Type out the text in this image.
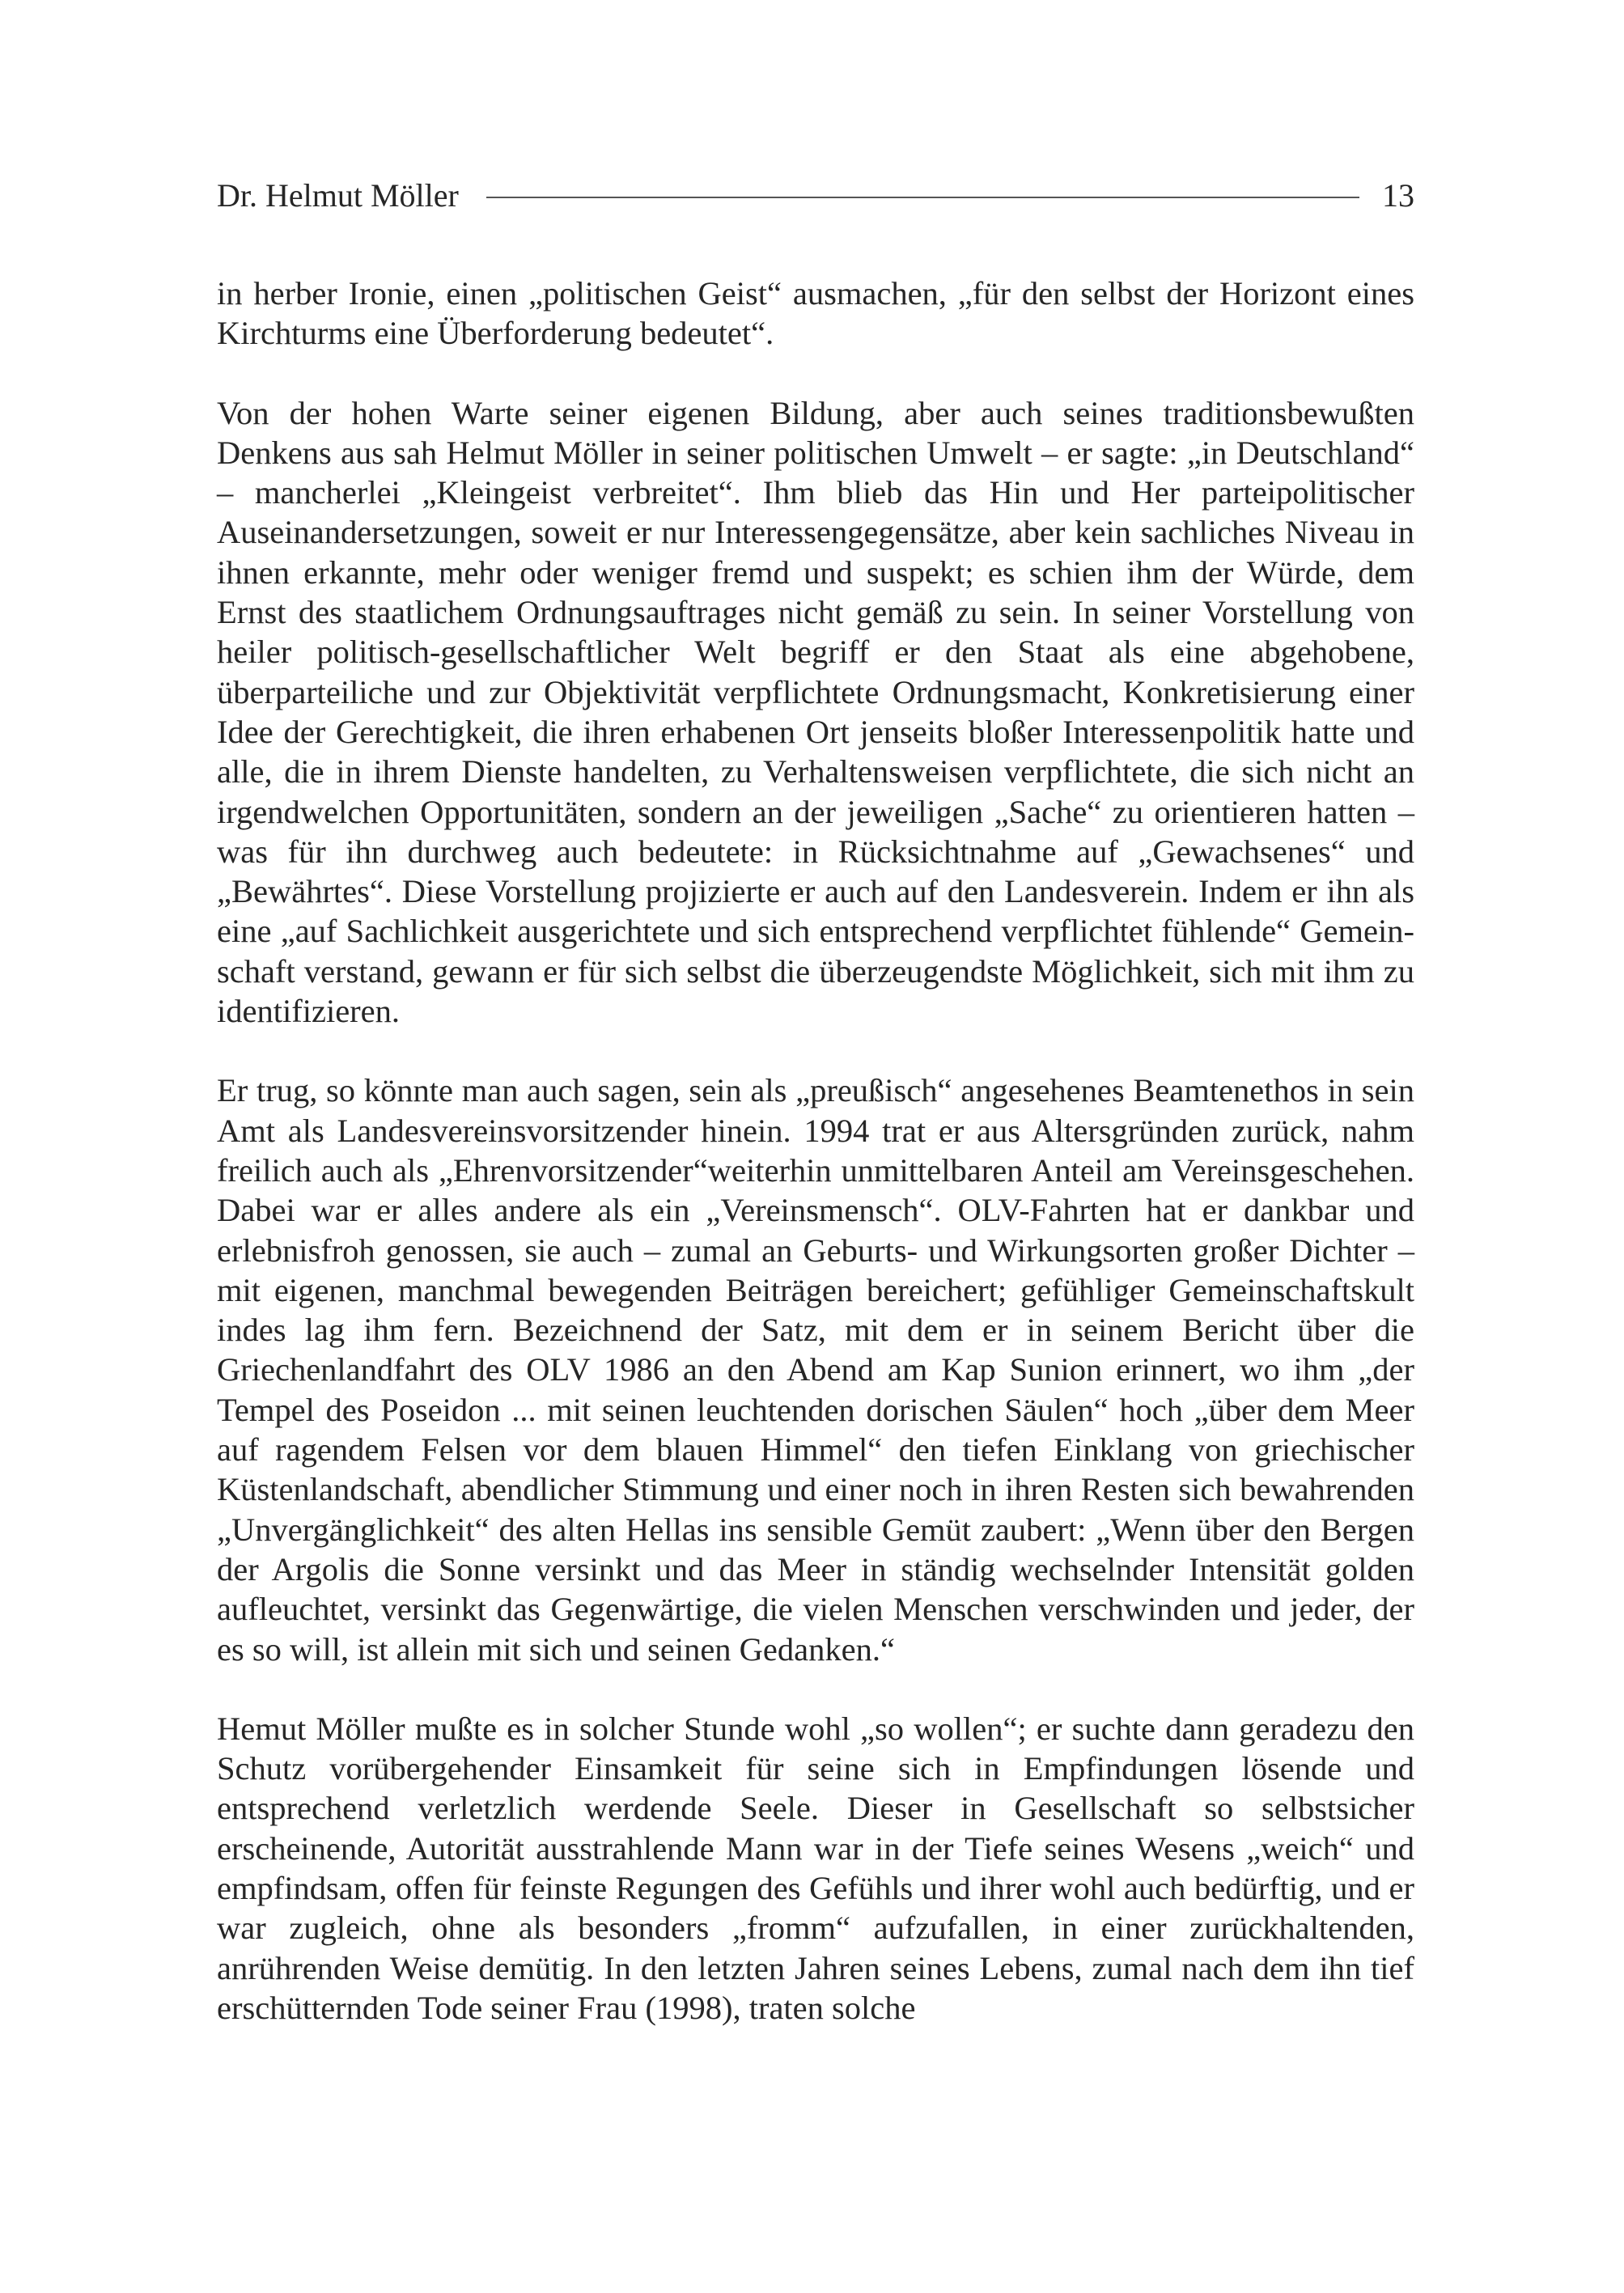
Dr. Helmut Möller	13

in herber Ironie, einen „politischen Geist“ ausmachen, „für den selbst der Horizont eines Kirchturms eine Überforderung bedeutet“.

Von der hohen Warte seiner eigenen Bildung, aber auch seines traditionsbewußten Denkens aus sah Helmut Möller in seiner politischen Umwelt – er sagte: „in Deutschland“ – mancherlei „Kleingeist verbreitet“. Ihm blieb das Hin und Her parteipolitischer Auseinandersetzungen, soweit er nur Interessengegensätze, aber kein sachliches Niveau in ihnen erkannte, mehr oder weniger fremd und suspekt; es schien ihm der Würde, dem Ernst des staatlichem Ordnungsauftrages nicht gemäß zu sein. In seiner Vorstellung von heiler politisch-gesellschaftlicher Welt begriff er den Staat als eine abgehobene, überparteiliche und zur Objektivität verpflichtete Ordnungsmacht, Konkretisierung einer Idee der Gerechtigkeit, die ihren erhabenen Ort jenseits bloßer Interessenpolitik hatte und alle, die in ihrem Dienste handelten, zu Verhaltensweisen verpflichtete, die sich nicht an irgendwelchen Opportunitäten, sondern an der jeweiligen „Sache“ zu orientieren hatten – was für ihn durchweg auch bedeutete: in Rücksichtnahme auf „Gewachsenes“ und „Bewährtes“. Diese Vorstellung projizierte er auch auf den Landesverein. Indem er ihn als eine „auf Sachlichkeit ausgerichtete und sich entsprechend verpflichtet fühlende“ Gemeinschaft verstand, gewann er für sich selbst die überzeugendste Möglichkeit, sich mit ihm zu identifizieren.

Er trug, so könnte man auch sagen, sein als „preußisch“ angesehenes Beamtenethos in sein Amt als Landesvereinsvorsitzender hinein. 1994 trat er aus Altersgründen zurück, nahm freilich auch als „Ehrenvorsitzender“weiterhin unmittelbaren Anteil am Vereinsgeschehen. Dabei war er alles andere als ein „Vereinsmensch“. OLV-Fahrten hat er dankbar und erlebnisfroh genossen, sie auch – zumal an Geburts- und Wirkungsorten großer Dichter – mit eigenen, manchmal bewegenden Beiträgen bereichert; gefühliger Gemeinschaftskult indes lag ihm fern. Bezeichnend der Satz, mit dem er in seinem Bericht über die Griechenlandfahrt des OLV 1986 an den Abend am Kap Sunion erinnert, wo ihm „der Tempel des Poseidon ... mit seinen leuchtenden dorischen Säulen“ hoch „über dem Meer auf ragendem Felsen vor dem blauen Himmel“ den tiefen Einklang von griechischer Küstenlandschaft, abendlicher Stimmung und einer noch in ihren Resten sich bewahrenden „Unvergänglichkeit“ des alten Hellas ins sensible Gemüt zaubert: „Wenn über den Bergen der Argolis die Sonne versinkt und das Meer in ständig wechselnder Intensität golden aufleuchtet, versinkt das Gegenwärtige, die vielen Menschen verschwinden und jeder, der es so will, ist allein mit sich und seinen Gedanken.“

Hemut Möller mußte es in solcher Stunde wohl „so wollen“; er suchte dann geradezu den Schutz vorübergehender Einsamkeit für seine sich in Empfindungen lösende und entsprechend verletzlich werdende Seele. Dieser in Gesellschaft so selbstsicher erscheinende, Autorität ausstrahlende Mann war in der Tiefe seines Wesens „weich“ und empfindsam, offen für feinste Regungen des Gefühls und ihrer wohl auch bedürftig, und er war zugleich, ohne als besonders „fromm“ aufzufallen, in einer zurückhaltenden, anrührenden Weise demütig. In den letzten Jahren seines Lebens, zumal nach dem ihn tief erschütternden Tode seiner Frau (1998), traten solche
